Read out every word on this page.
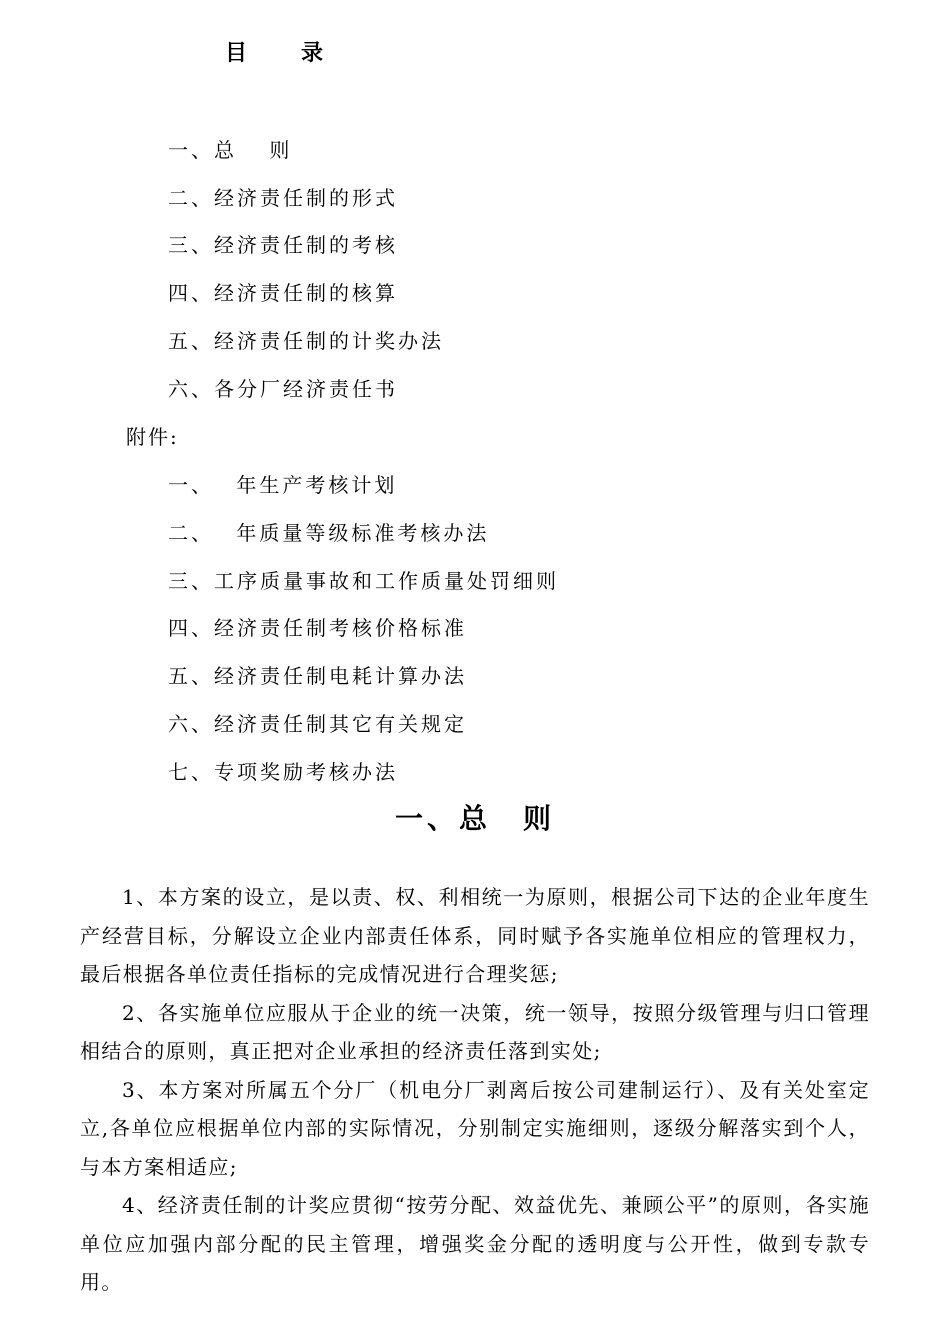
目 录
一、总　 则
二、经济责任制的形式
三、经济责任制的考核
四、经济责任制的核算
五、经济责任制的计奖办法
六、各分厂经济责任书
附件:
一、　 年生产考核计划
二、　 年质量等级标准考核办法
三、工序质量事故和工作质量处罚细则
四、经济责任制考核价格标准
五、经济责任制电耗计算办法
六、经济责任制其它有关规定
七、专项奖励考核办法
一、总　则

1、本方案的设立，是以责、权、利相统一为原则，根据公司下达的企业年度生产经营目标，分解设立企业内部责任体系，同时赋予各实施单位相应的管理权力，最后根据各单位责任指标的完成情况进行合理奖惩;

2、各实施单位应服从于企业的统一决策，统一领导，按照分级管理与归口管理相结合的原则，真正把对企业承担的经济责任落到实处;

3、本方案对所属五个分厂（机电分厂剥离后按公司建制运行）、及有关处室定立,各单位应根据单位内部的实际情况，分别制定实施细则，逐级分解落实到个人，与本方案相适应;

4、经济责任制的计奖应贯彻“按劳分配、效益优先、兼顾公平”的原则，各实施单位应加强内部分配的民主管理，增强奖金分配的透明度与公开性，做到专款专用。
